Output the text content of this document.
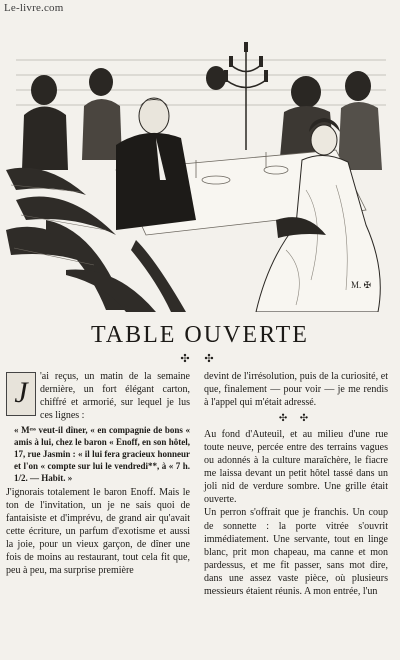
Le-livre.com
M. ✠
TABLE OUVERTE
✣ ✣
J	'ai reçus, un matin de la semaine dernière, un fort élégant carton, chiffré et armorié, sur lequel je lus ces lignes :

« Mᵉˢˢ veut-il dîner, « en compagnie de bons « amis à lui, chez le baron « Enoff, en son hôtel, 17, rue Jasmin : « il lui fera gracieux honneur et l'on « compte sur lui le vendredi**, à « 7 h. 1/2. — Habit. »

J'ignorais totalement le baron Enoff. Mais le ton de l'invitation, un je ne sais quoi de fantaisiste et d'imprévu, de grand air qu'avait cette écriture, un parfum d'exotisme et aussi la joie, pour un vieux garçon, de dîner une fois de moins au restaurant, tout cela fit que, peu à peu, ma surprise première

devint de l'irrésolution, puis de la curiosité, et que, finalement — pour voir — je me rendis à l'appel qui m'était adressé.

✣ ✣

Au fond d'Auteuil, et au milieu d'une rue toute neuve, percée entre des terrains vagues ou adonnés à la culture maraîchère, le fiacre me laissa devant un petit hôtel tassé dans un joli nid de verdure sombre. Une grille était ouverte.

Un perron s'offrait que je franchis. Un coup de sonnette : la porte vitrée s'ouvrit immédiatement. Une servante, tout en linge blanc, prit mon chapeau, ma canne et mon pardessus, et me fit passer, sans mot dire, dans une assez vaste pièce, où plusieurs messieurs étaient réunis. A mon entrée, l'un
